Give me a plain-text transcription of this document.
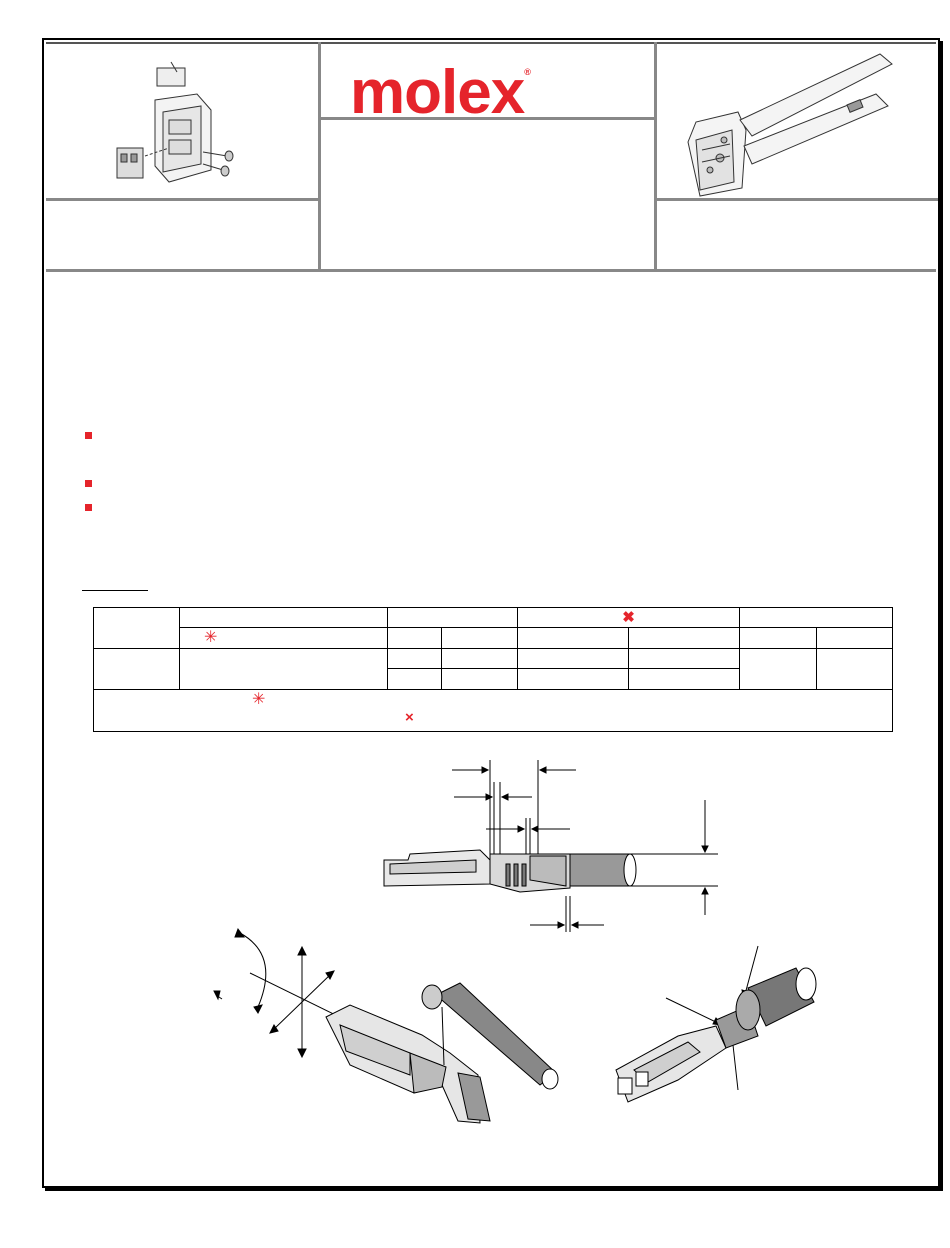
molex®
				✖			
	✳						

✳
×							
